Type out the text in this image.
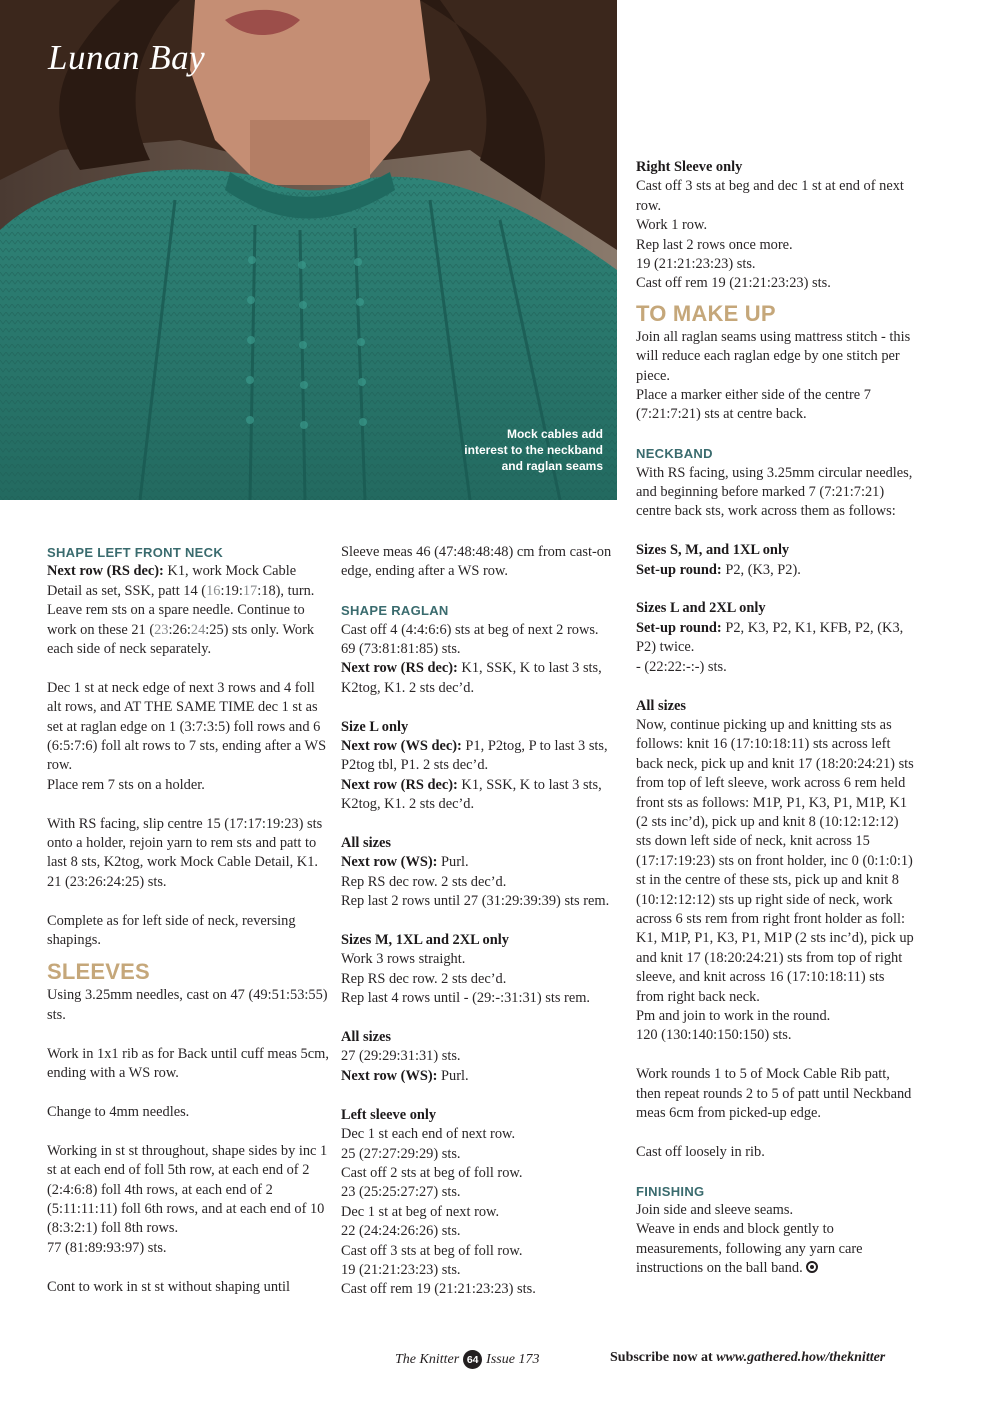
Lunan Bay
Mock cables add interest to the neckband and raglan seams
SHAPE LEFT FRONT NECK

Next row (RS dec): K1, work Mock Cable Detail as set, SSK, patt 14 (16:19:17:18), turn. Leave rem sts on a spare needle. Continue to work on these 21 (23:26:24:25) sts only. Work each side of neck separately.

Dec 1 st at neck edge of next 3 rows and 4 foll alt rows, and AT THE SAME TIME dec 1 st as set at raglan edge on 1 (3:7:3:5) foll rows and 6 (6:5:7:6) foll alt rows to 7 sts, ending after a WS row.

Place rem 7 sts on a holder.

With RS facing, slip centre 15 (17:17:19:23) sts onto a holder, rejoin yarn to rem sts and patt to last 8 sts, K2tog, work Mock Cable Detail, K1.

21 (23:26:24:25) sts.

Complete as for left side of neck, reversing shapings.

SLEEVES

Using 3.25mm needles, cast on 47 (49:51:53:55) sts.

Work in 1x1 rib as for Back until cuff meas 5cm, ending with a WS row.

Change to 4mm needles.

Working in st st throughout, shape sides by inc 1 st at each end of foll 5th row, at each end of 2 (2:4:6:8) foll 4th rows, at each end of 2 (5:11:11:11) foll 6th rows, and at each end of 10 (8:3:2:1) foll 8th rows.

77 (81:89:93:97) sts.

Cont to work in st st without shaping until

Sleeve meas 46 (47:48:48:48) cm from cast-on edge, ending after a WS row.

SHAPE RAGLAN

Cast off 4 (4:4:6:6) sts at beg of next 2 rows.

69 (73:81:81:85) sts.

Next row (RS dec): K1, SSK, K to last 3 sts, K2tog, K1. 2 sts dec’d.

Size L only

Next row (WS dec): P1, P2tog, P to last 3 sts, P2tog tbl, P1. 2 sts dec’d.

Next row (RS dec): K1, SSK, K to last 3 sts, K2tog, K1. 2 sts dec’d.

All sizes

Next row (WS): Purl.

Rep RS dec row. 2 sts dec’d.

Rep last 2 rows until 27 (31:29:39:39) sts rem.

Sizes M, 1XL and 2XL only

Work 3 rows straight.

Rep RS dec row. 2 sts dec’d.

Rep last 4 rows until - (29:-:31:31) sts rem.

All sizes

27 (29:29:31:31) sts.

Next row (WS): Purl.

Left sleeve only

Dec 1 st each end of next row.

25 (27:27:29:29) sts.

Cast off 2 sts at beg of foll row.

23 (25:25:27:27) sts.

Dec 1 st at beg of next row.

22 (24:24:26:26) sts.

Cast off 3 sts at beg of foll row.

19 (21:21:23:23) sts.

Cast off rem 19 (21:21:23:23) sts.

Right Sleeve only

Cast off 3 sts at beg and dec 1 st at end of next row.

Work 1 row.

Rep last 2 rows once more.

19 (21:21:23:23) sts.

Cast off rem 19 (21:21:23:23) sts.

TO MAKE UP

Join all raglan seams using mattress stitch - this will reduce each raglan edge by one stitch per piece.

Place a marker either side of the centre 7 (7:21:7:21) sts at centre back.

NECKBAND

With RS facing, using 3.25mm circular needles, and beginning before marked 7 (7:21:7:21) centre back sts, work across them as follows:

Sizes S, M, and 1XL only

Set-up round: P2, (K3, P2).

Sizes L and 2XL only

Set-up round: P2, K3, P2, K1, KFB, P2, (K3, P2) twice.

- (22:22:-:-) sts.

All sizes

Now, continue picking up and knitting sts as follows: knit 16 (17:10:18:11) sts across left back neck, pick up and knit 17 (18:20:24:21) sts from top of left sleeve, work across 6 rem held front sts as follows: M1P, P1, K3, P1, M1P, K1 (2 sts inc’d), pick up and knit 8 (10:12:12:12) sts down left side of neck, knit across 15 (17:17:19:23) sts on front holder, inc 0 (0:1:0:1) st in the centre of these sts, pick up and knit 8 (10:12:12:12) sts up right side of neck, work across 6 sts rem from right front holder as foll: K1, M1P, P1, K3, P1, M1P (2 sts inc’d), pick up and knit 17 (18:20:24:21) sts from top of right sleeve, and knit across 16 (17:10:18:11) sts from right back neck.

Pm and join to work in the round.

120 (130:140:150:150) sts.

Work rounds 1 to 5 of Mock Cable Rib patt, then repeat rounds 2 to 5 of patt until Neckband meas 6cm from picked-up edge.

Cast off loosely in rib.

FINISHING

Join side and sleeve seams.

Weave in ends and block gently to measurements, following any yarn care instructions on the ball band.

The Knitter 64 Issue 173	Subscribe now at www.gathered.how/theknitter
